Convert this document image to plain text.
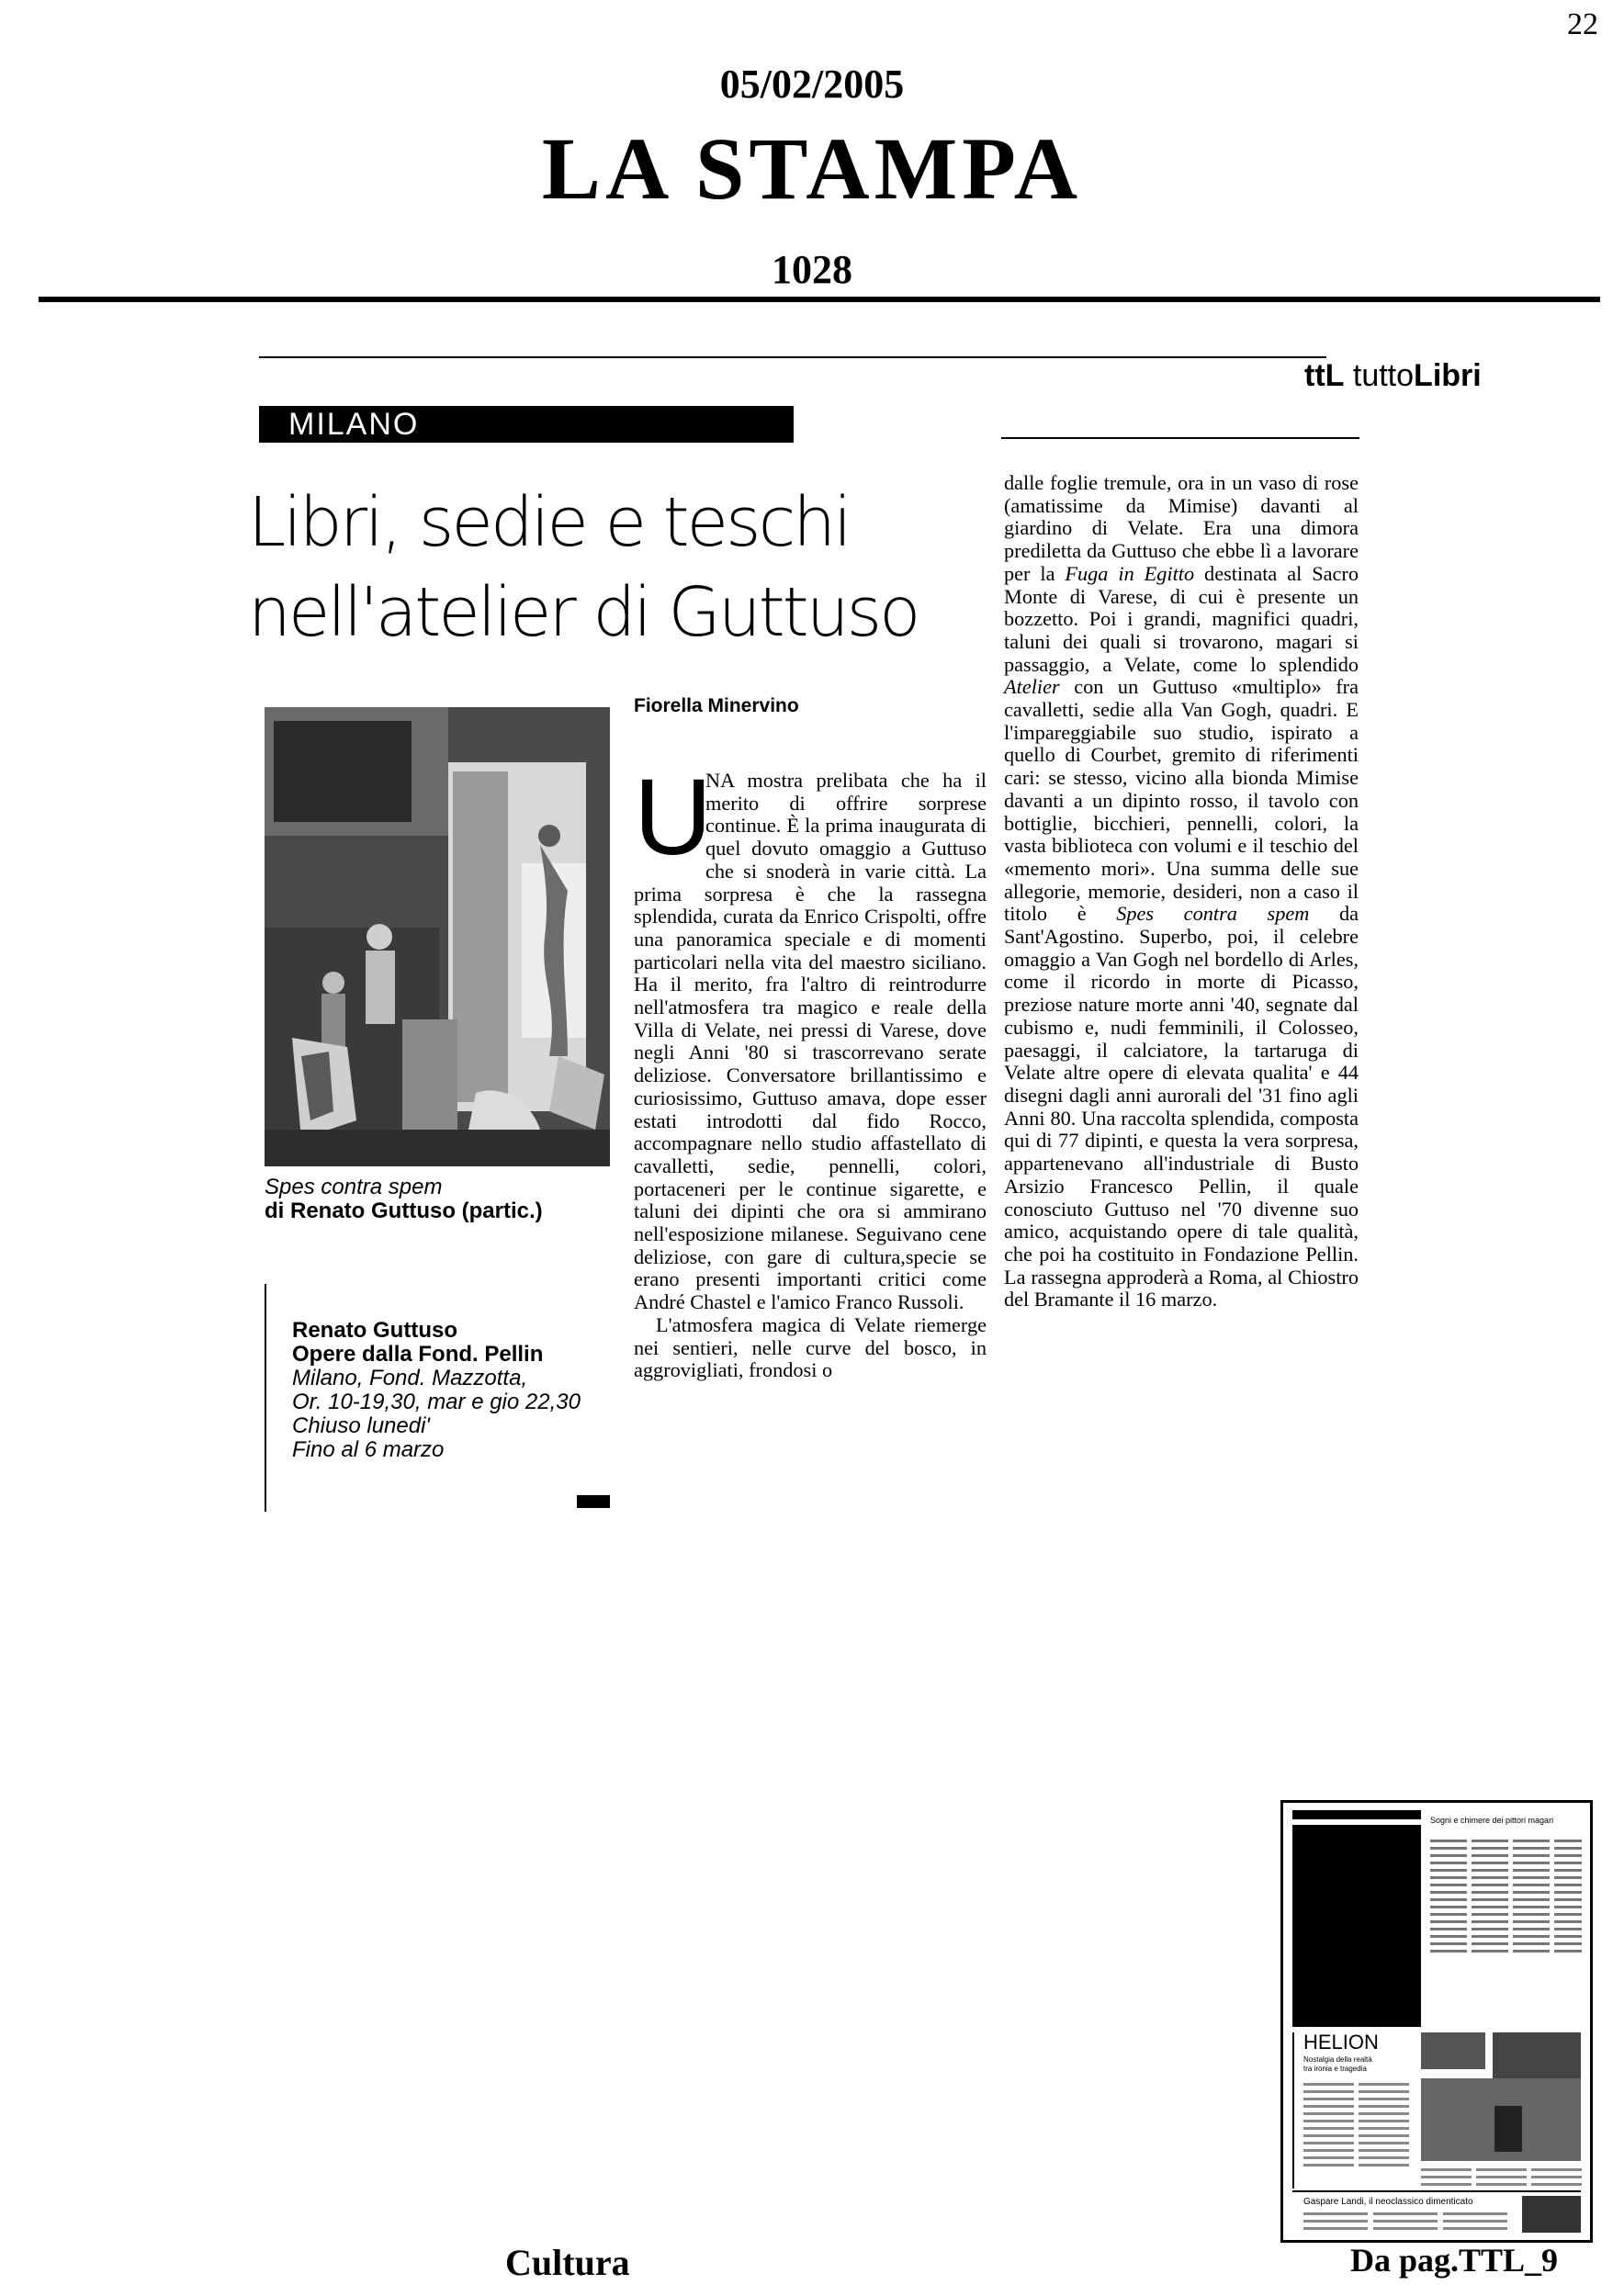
22
05/02/2005
LA STAMPA
1028
ttL tuttoLibri
MILANO
Libri, sedie e teschi
nell'atelier di Guttuso
Fiorella Minervino
Spes contra spem
di Renato Guttuso (partic.)
Renato Guttuso
Opere dalla Fond. Pellin
Milano, Fond. Mazzotta,
Or. 10-19,30, mar e gio 22,30
Chiuso lunedi'
Fino al 6 marzo

U
NA mostra prelibata che ha il merito di offrire sorprese continue. È la prima inaugurata di quel dovuto omaggio a Guttuso che si snoderà in varie città. La prima sorpresa è che la rassegna splendida, curata da Enrico Crispolti, offre una panoramica speciale e di momenti particolari nella vita del maestro siciliano. Ha il merito, fra l'altro di reintrodurre nell'atmosfera tra magico e reale della Villa di Velate, nei pressi di Varese, dove negli Anni '80 si trascorrevano serate deliziose. Conversatore brillantissimo e curiosissimo, Guttuso amava, dope esser estati introdotti dal fido Rocco, accompagnare nello studio affastellato di cavalletti, sedie, pennelli, colori, portaceneri per le continue sigarette, e taluni dei dipinti che ora si ammirano nell'esposizione milanese. Seguivano cene deliziose, con gare di cultura,specie se erano presenti importanti critici come André Chastel e l'amico Franco Russoli.

L'atmosfera magica di Velate riemerge nei sentieri, nelle curve del bosco, in aggrovigliati, frondosi o

dalle foglie tremule, ora in un vaso di rose (amatissime da Mimise) davanti al giardino di Velate. Era una dimora prediletta da Guttuso che ebbe lì a lavorare per la Fuga in Egitto destinata al Sacro Monte di Varese, di cui è presente un bozzetto. Poi i grandi, magnifici quadri, taluni dei quali si trovarono, magari si passaggio, a Velate, come lo splendido Atelier con un Guttuso «multiplo» fra cavalletti, sedie alla Van Gogh, quadri. E l'impareggiabile suo studio, ispirato a quello di Courbet, gremito di riferimenti cari: se stesso, vicino alla bionda Mimise davanti a un dipinto rosso, il tavolo con bottiglie, bicchieri, pennelli, colori, la vasta biblioteca con volumi e il teschio del «memento mori». Una summa delle sue allegorie, memorie, desideri, non a caso il titolo è Spes contra spem da Sant'Agostino. Superbo, poi, il celebre omaggio a Van Gogh nel bordello di Arles, come il ricordo in morte di Picasso, preziose nature morte anni '40, segnate dal cubismo e, nudi femminili, il Colosseo, paesaggi, il calciatore, la tartaruga di Velate altre opere di elevata qualita' e 44 disegni dagli anni aurorali del '31 fino agli Anni 80. Una raccolta splendida, composta qui di 77 dipinti, e questa la vera sorpresa, appartenevano all'industriale di Busto Arsizio Francesco Pellin, il quale conosciuto Guttuso nel '70 divenne suo amico, acquistando opere di tale qualità, che poi ha costituito in Fondazione Pellin. La rassegna approderà a Roma, al Chiostro del Bramante il 16 marzo.

Sogni e chimere dei pittori magari
HELION
Nostalgia della realtà
tra ironia e tragedia
Gaspare Landi, il neoclassico dimenticato
Cultura	Da pag.TTL_9
